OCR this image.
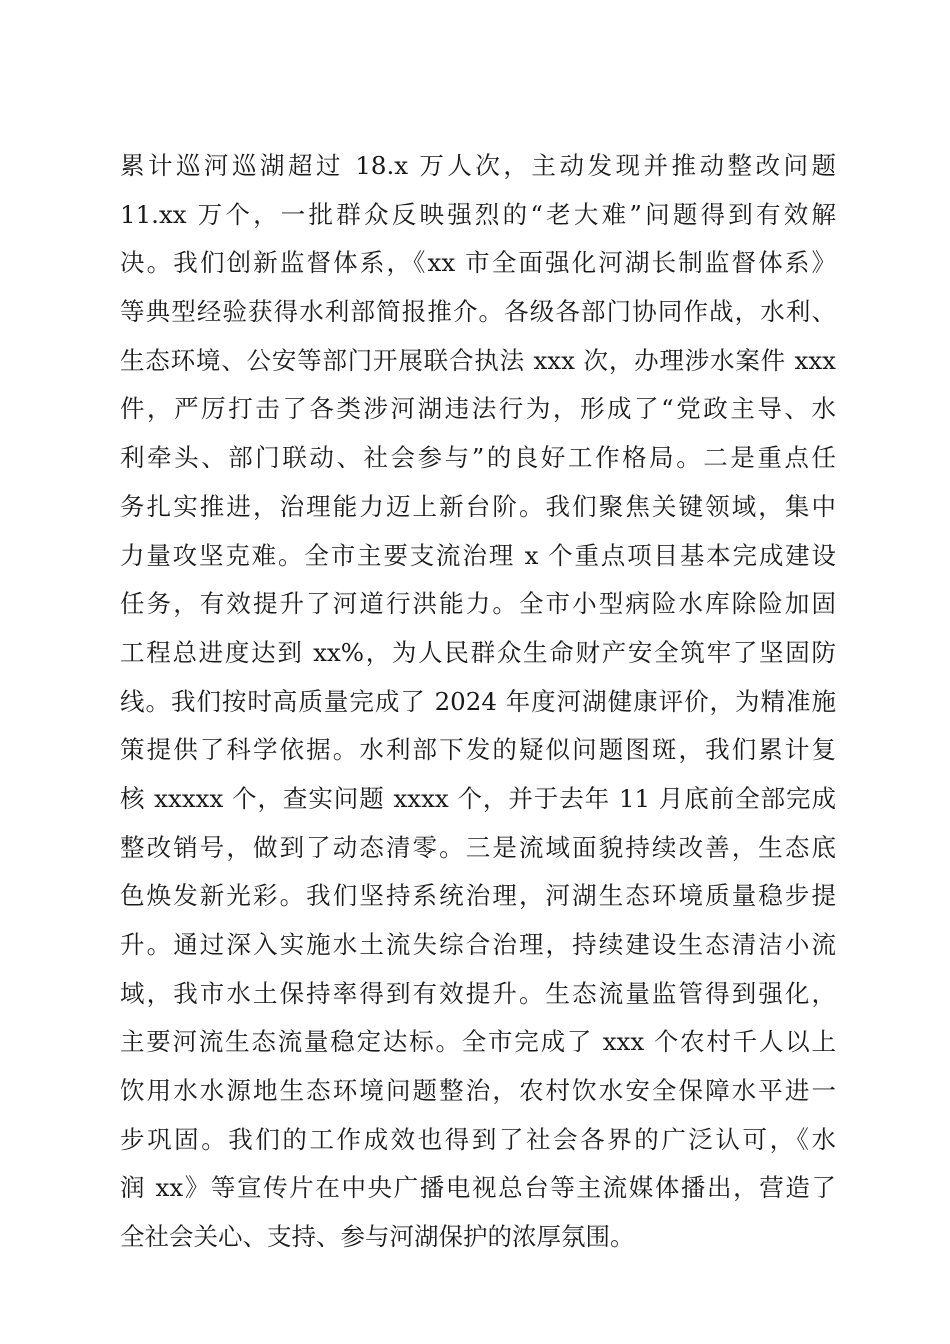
累计巡河巡湖超过 18.x 万人次，主动发现并推动整改问题
11.xx 万个，一批群众反映强烈的“老大难”问题得到有效解
决。我们创新监督体系，《xx 市全面强化河湖长制监督体系》
等典型经验获得水利部简报推介。各级各部门协同作战，水利、
生态环境、公安等部门开展联合执法 xxx 次，办理涉水案件 xxx
件，严厉打击了各类涉河湖违法行为，形成了“党政主导、水
利牵头、部门联动、社会参与”的良好工作格局。二是重点任
务扎实推进，治理能力迈上新台阶。我们聚焦关键领域，集中
力量攻坚克难。全市主要支流治理 x 个重点项目基本完成建设
任务，有效提升了河道行洪能力。全市小型病险水库除险加固
工程总进度达到 xx%，为人民群众生命财产安全筑牢了坚固防
线。我们按时高质量完成了 2024 年度河湖健康评价，为精准施
策提供了科学依据。水利部下发的疑似问题图斑，我们累计复
核 xxxxx 个，查实问题 xxxx 个，并于去年 11 月底前全部完成
整改销号，做到了动态清零。三是流域面貌持续改善，生态底
色焕发新光彩。我们坚持系统治理，河湖生态环境质量稳步提
升。通过深入实施水土流失综合治理，持续建设生态清洁小流
域，我市水土保持率得到有效提升。生态流量监管得到强化，
主要河流生态流量稳定达标。全市完成了 xxx 个农村千人以上
饮用水水源地生态环境问题整治，农村饮水安全保障水平进一
步巩固。我们的工作成效也得到了社会各界的广泛认可，《水
润 xx》等宣传片在中央广播电视总台等主流媒体播出，营造了
全社会关心、支持、参与河湖保护的浓厚氛围。
